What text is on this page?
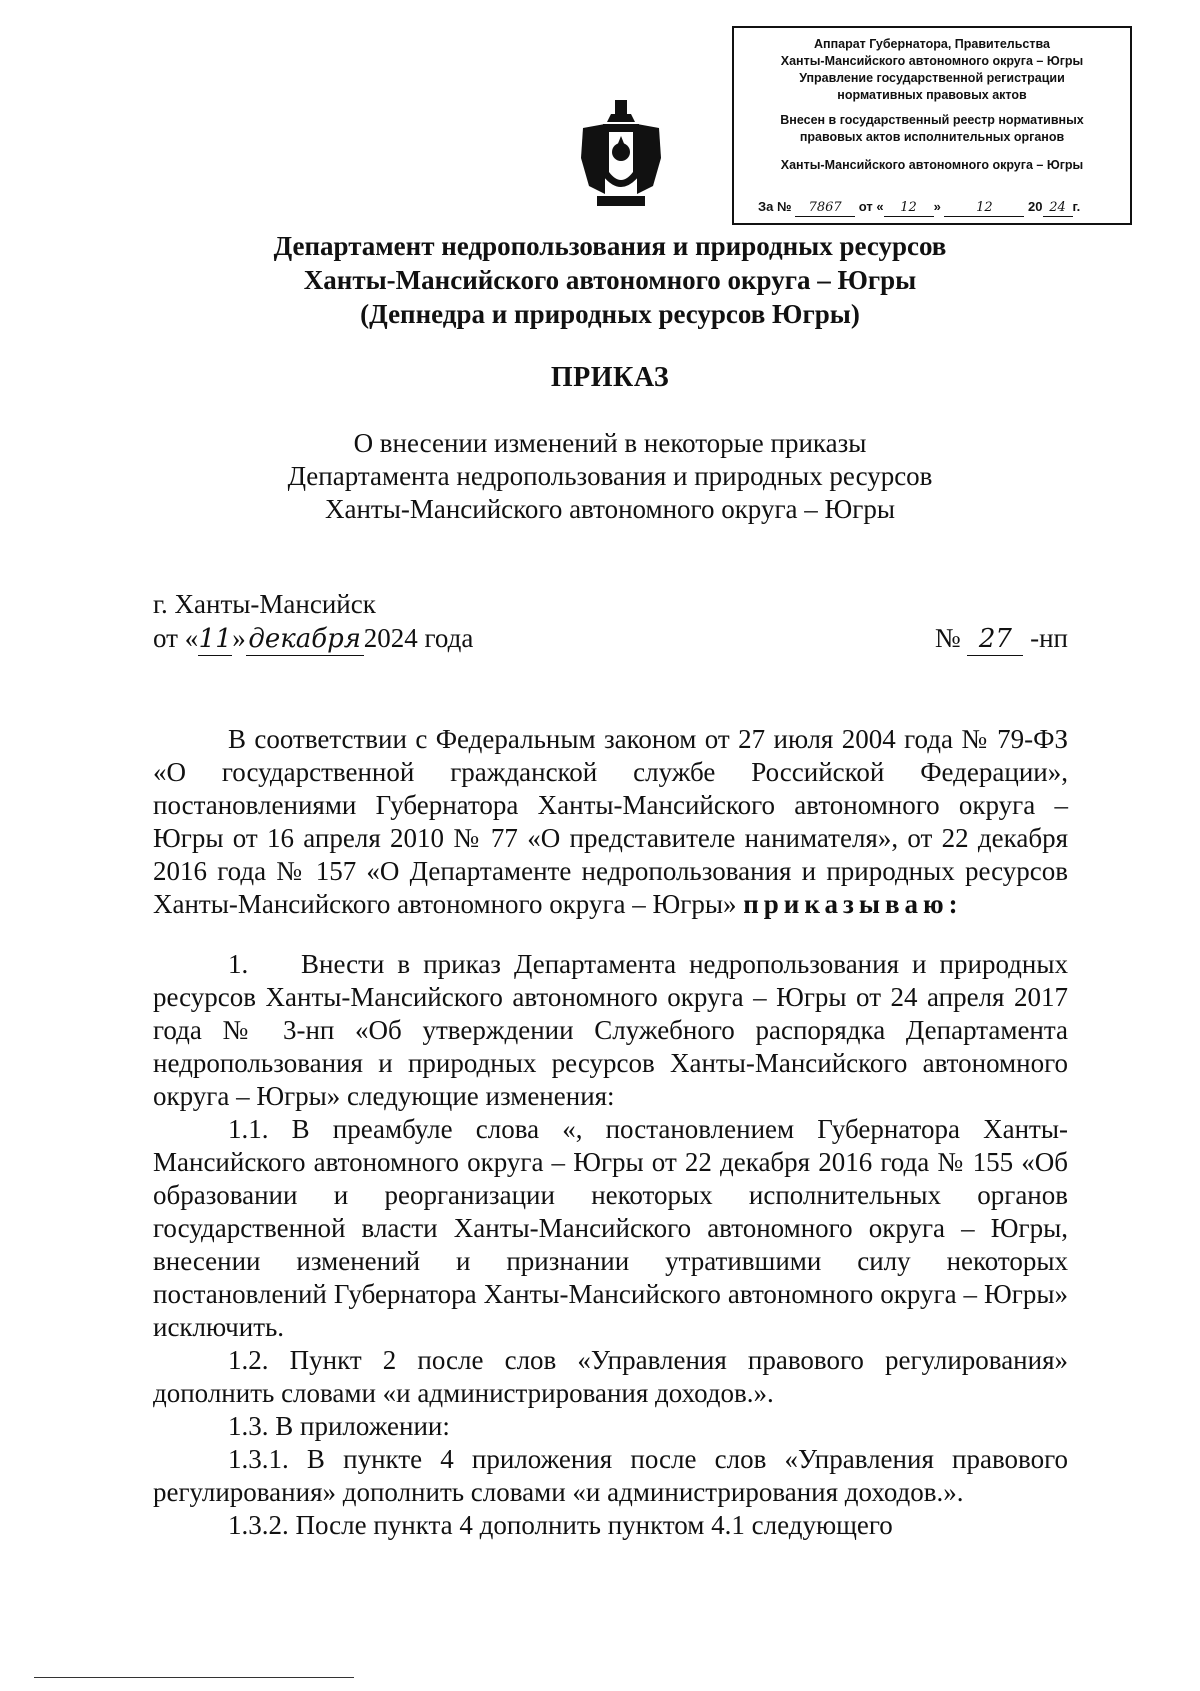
Аппарат Губернатора, Правительства
Ханты-Мансийского автономного округа – Югры
Управление государственной регистрации
нормативных правовых актов
Внесен в государственный реестр нормативных
правовых актов исполнительных органов
Ханты-Мансийского автономного округа – Югры
За № 7867 от « 12 »	12	20 24 г.
Департамент недропользования и природных ресурсов
Ханты-Мансийского автономного округа – Югры
(Депнедра и природных ресурсов Югры)
ПРИКАЗ
О внесении изменений в некоторые приказы
Департамента недропользования и природных ресурсов
Ханты-Мансийского автономного округа – Югры
г. Ханты-Мансийск
от «11» декабря2024 года	№ 27 -нп

В соответствии с Федеральным законом от 27 июля 2004 года № 79-ФЗ «О государственной гражданской службе Российской Федерации», постановлениями Губернатора Ханты-Мансийского автономного округа – Югры от 16 апреля 2010 № 77 «О представителе нанимателя», от 22 декабря 2016 года № 157 «О Департаменте недропользования и природных ресурсов Ханты-Мансийского автономного округа – Югры» приказываю:

1. Внести в приказ Департамента недропользования и природных ресурсов Ханты-Мансийского автономного округа – Югры от 24 апреля 2017 года № 3-нп «Об утверждении Служебного распорядка Департамента недропользования и природных ресурсов Ханты-Мансийского автономного округа – Югры» следующие изменения:

1.1. В преамбуле слова «, постановлением Губернатора Ханты-Мансийского автономного округа – Югры от 22 декабря 2016 года № 155 «Об образовании и реорганизации некоторых исполнительных органов государственной власти Ханты-Мансийского автономного округа – Югры, внесении изменений и признании утратившими силу некоторых постановлений Губернатора Ханты-Мансийского автономного округа – Югры» исключить.

1.2. Пункт 2 после слов «Управления правового регулирования» дополнить словами «и администрирования доходов.».

1.3. В приложении:

1.3.1. В пункте 4 приложения после слов «Управления правового регулирования» дополнить словами «и администрирования доходов.».

1.3.2. После пункта 4 дополнить пунктом 4.1 следующего
